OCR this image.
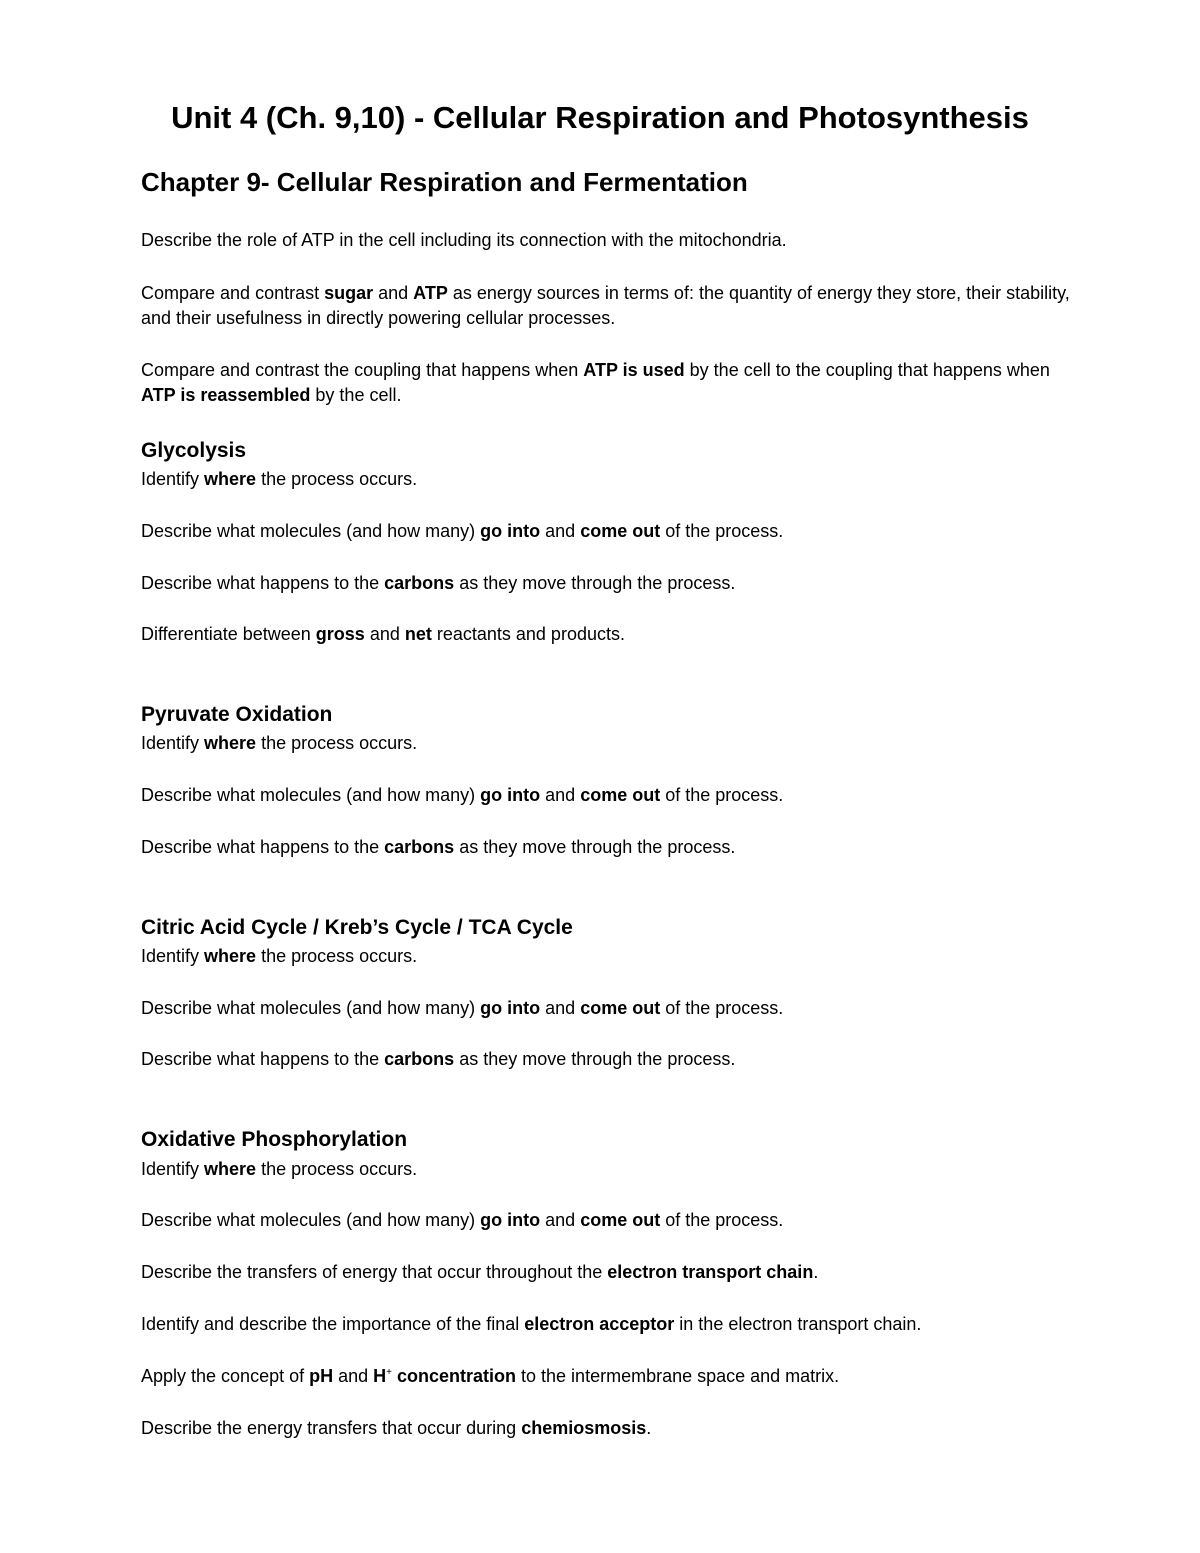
Unit 4 (Ch. 9,10) - Cellular Respiration and Photosynthesis
Chapter 9- Cellular Respiration and Fermentation
Describe the role of ATP in the cell including its connection with the mitochondria.
Compare and contrast sugar and ATP as energy sources in terms of: the quantity of energy they store, their stability, and their usefulness in directly powering cellular processes.
Compare and contrast the coupling that happens when ATP is used by the cell to the coupling that happens when ATP is reassembled by the cell.
Glycolysis
Identify where the process occurs.
Describe what molecules (and how many) go into and come out of the process.
Describe what happens to the carbons as they move through the process.
Differentiate between gross and net reactants and products.
Pyruvate Oxidation
Identify where the process occurs.
Describe what molecules (and how many) go into and come out of the process.
Describe what happens to the carbons as they move through the process.
Citric Acid Cycle / Kreb’s Cycle / TCA Cycle
Identify where the process occurs.
Describe what molecules (and how many) go into and come out of the process.
Describe what happens to the carbons as they move through the process.
Oxidative Phosphorylation
Identify where the process occurs.
Describe what molecules (and how many) go into and come out of the process.
Describe the transfers of energy that occur throughout the electron transport chain.
Identify and describe the importance of the final electron acceptor in the electron transport chain.
Apply the concept of pH and H+ concentration to the intermembrane space and matrix.
Describe the energy transfers that occur during chemiosmosis.
